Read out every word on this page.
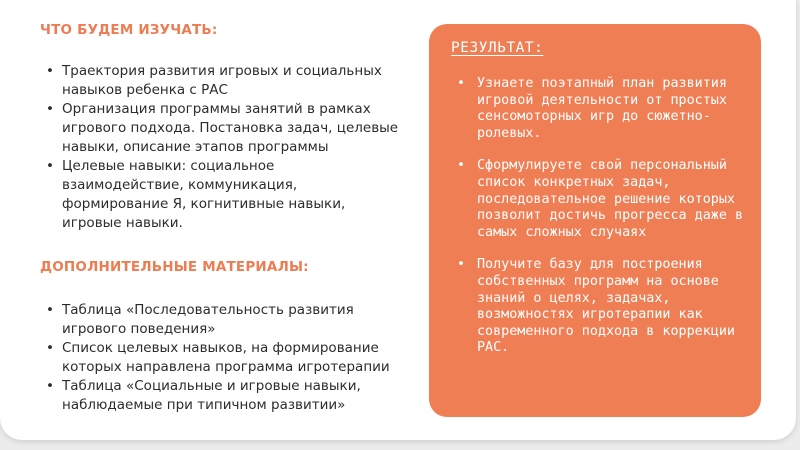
ЧТО БУДЕМ ИЗУЧАТЬ:
• Траектория развития игровых и социальных навыков ребенка с РАС
• Организация программы занятий в рамках игрового подхода. Постановка задач, целевые навыки, описание этапов программы
• Целевые навыки: социальное взаимодействие, коммуникация, формирование Я, когнитивные навыки, игровые навыки.
ДОПОЛНИТЕЛЬНЫЕ МАТЕРИАЛЫ:
• Таблица «Последовательность развития игрового поведения»
• Список целевых навыков, на формирование которых направлена программа игротерапии
• Таблица «Социальные и игровые навыки, наблюдаемые при типичном развитии»
РЕЗУЛЬТАТ:
• Узнаете поэтапный план развития игровой деятельности от простых сенсомоторных игр до сюжетно-ролевых.
• Сформулируете свой персональный список конкретных задач, последовательное решение которых позволит достичь прогресса даже в самых сложных случаях
• Получите базу для построения собственных программ на основе знаний о целях, задачах, возможностях игротерапии как современного подхода в коррекции РАС.
